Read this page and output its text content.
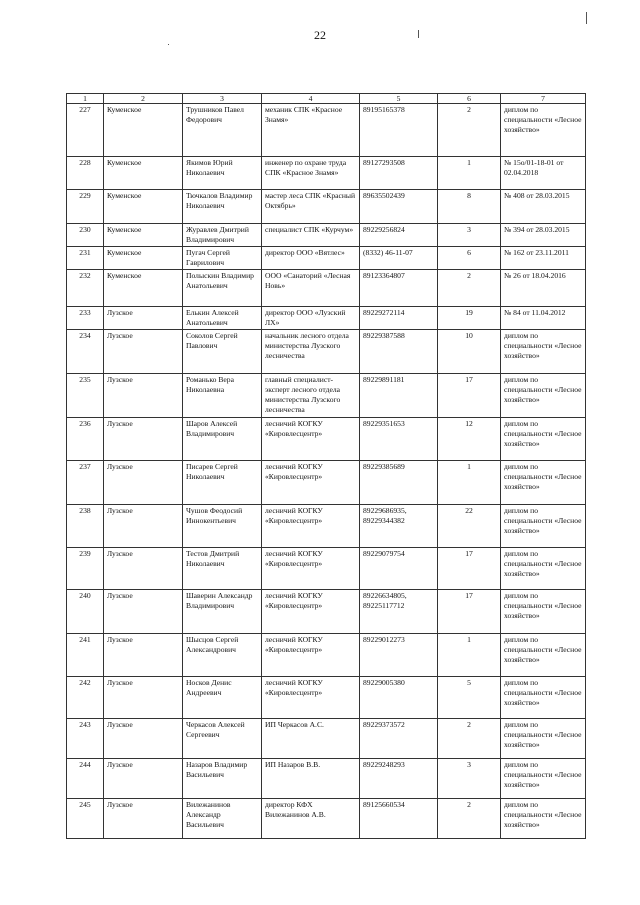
22
1	2	3	4	5	6	7
227	Куменское	Трушников Павел Федорович	механик СПК «Красное Знамя»	89195165378	2	диплом по специальности «Лесное хозяйство»
228	Куменское	Якимов Юрий Николаевич	инженер по охране труда СПК «Красное Знамя»	89127293508	1	№ 15о/01-18-01 от 02.04.2018
229	Куменское	Тючкалов Владимир Николаевич	мастер леса СПК «Красный Октябрь»	89635502439	8	№ 408 от 28.03.2015
230	Куменское	Журавлев Дмитрий Владимирович	специалист СПК «Курчум»	89229256824	3	№ 394 от 28.03.2015
231	Куменское	Пугач Сергей Гаврилович	директор ООО «Вятлес»	(8332) 46-11-07	6	№ 162 от 23.11.2011
232	Куменское	Полыскин Владимир Анатольевич	ООО «Санаторий «Лесная Новь»	89123364807	2	№ 26 от 18.04.2016
233	Лузское	Елькин Алексей Анатольевич	директор ООО «Лузский ЛХ»	89229272114	19	№ 84 от 11.04.2012
234	Лузское	Соколов Сергей Павлович	начальник лесного отдела министерства Лузского лесничества	89229387588	10	диплом по специальности «Лесное хозяйство»
235	Лузское	Романько Вера Николаевна	главный специалист-эксперт лесного отдела министерства Лузского лесничества	89229891181	17	диплом по специальности «Лесное хозяйство»
236	Лузское	Шаров Алексей Владимирович	лесничий КОГКУ «Кировлесцентр»	89229351653	12	диплом по специальности «Лесное хозяйство»
237	Лузское	Писарев Сергей Николаевич	лесничий КОГКУ «Кировлесцентр»	89229385689	1	диплом по специальности «Лесное хозяйство»
238	Лузское	Чушов Феодосий Иннокентьевич	лесничий КОГКУ «Кировлесцентр»	89229686935, 89229344382	22	диплом по специальности «Лесное хозяйство»
239	Лузское	Тестов Дмитрий Николаевич	лесничий КОГКУ «Кировлесцентр»	89229079754	17	диплом по специальности «Лесное хозяйство»
240	Лузское	Шаверин Александр Владимирович	лесничий КОГКУ «Кировлесцентр»	89226634805, 89225117712	17	диплом по специальности «Лесное хозяйство»
241	Лузское	Шысцов Сергей Александрович	лесничий КОГКУ «Кировлесцентр»	89229012273	1	диплом по специальности «Лесное хозяйство»
242	Лузское	Носков Денис Андреевич	лесничий КОГКУ «Кировлесцентр»	89229005380	5	диплом по специальности «Лесное хозяйство»
243	Лузское	Черкасов Алексей Сергеевич	ИП Черкасов А.С.	89229373572	2	диплом по специальности «Лесное хозяйство»
244	Лузское	Назаров Владимир Васильевич	ИП Назаров В.В.	89229248293	3	диплом по специальности «Лесное хозяйство»
245	Лузское	Вилежанинов Александр Васильевич	директор КФХ Вилежанинов А.В.	89125660534	2	диплом по специальности «Лесное хозяйство»
